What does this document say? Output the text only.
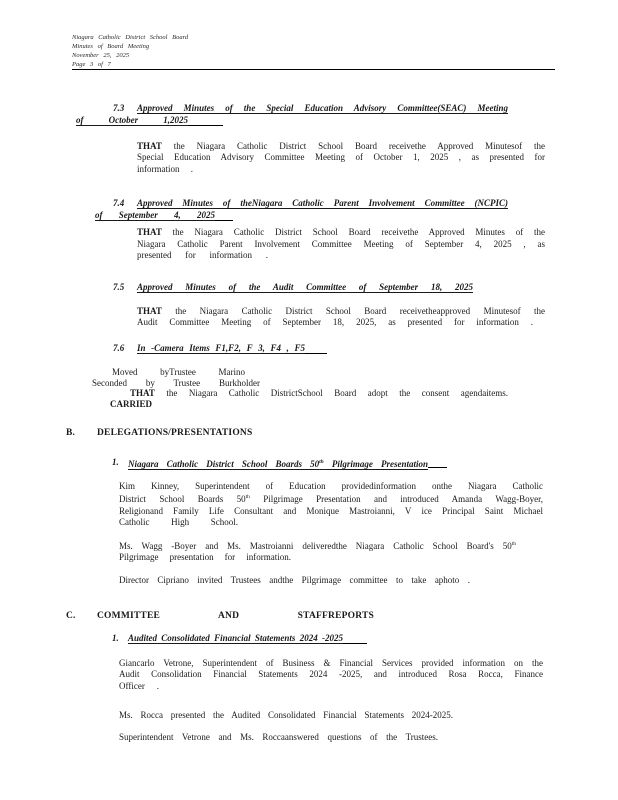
Niagara Catholic District School Board
Minutes of Board Meeting
November 25, 2025
Page 3 of 7
7.3 Approved Minutes of the Special Education Advisory Committee(SEAC) Meeting
of October 1,2025
THAT the Niagara Catholic District School Board receivethe Approved Minutesof the
Special Education Advisory Committee Meeting of October 1, 2025 , as presented for
information .
7.4 Approved Minutes of theNiagara Catholic Parent Involvement Committee (NCPIC)
of September 4, 2025
THAT the Niagara Catholic District School Board receivethe Approved Minutes of the
Niagara Catholic Parent Involvement Committee Meeting of September 4, 2025 , as
presented for information .
7.5 Approved Minutes of the Audit Committee of September 18, 2025
THAT the Niagara Catholic District School Board receivetheapproved Minutesof the
Audit Committee Meeting of September 18, 2025, as presented for information .
7.6 In -Camera Items F1,F2, F 3, F4 , F5
Moved byTrustee Marino
Seconded by Trustee Burkholder
THAT the Niagara Catholic DistrictSchool Board adopt the consent agendaitems.
CARRIED
B. DELEGATIONS/PRESENTATIONS
1. Niagara Catholic District School Boards 50th Pilgrimage Presentation
Kim Kinney, Superintendent of Education providedinformation onthe Niagara Catholic
District School Boards 50th Pilgrimage Presentation and introduced Amanda Wagg-Boyer,
Religionand Family Life Consultant and Monique Mastroianni, V ice Principal Saint Michael
Catholic High School.
Ms. Wagg -Boyer and Ms. Mastroianni deliveredthe Niagara Catholic School Board's 50th
Pilgrimage presentation for information.
Director Cipriano invited Trustees andthe Pilgrimage committee to take aphoto .
C. COMMITTEE AND STAFFREPORTS
1. Audited Consolidated Financial Statements 2024 -2025
Giancarlo Vetrone, Superintendent of Business & Financial Services provided information on the
Audit Consolidation Financial Statements 2024 -2025, and introduced Rosa Rocca, Finance
Officer .
Ms. Rocca presented the Audited Consolidated Financial Statements 2024-2025.
Superintendent Vetrone and Ms. Roccaanswered questions of the Trustees.
